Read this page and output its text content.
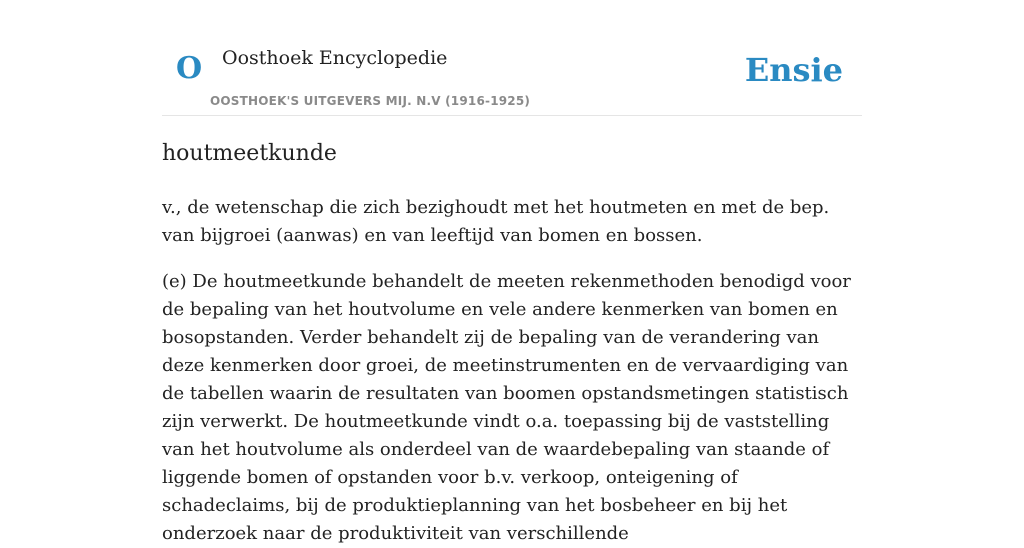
O Oosthoek Encyclopedie
OOSTHOEK'S UITGEVERS MIJ. N.V (1916-1925)
Ensie
houtmeetkunde

v., de wetenschap die zich bezighoudt met het houtmeten en met de bep. van bijgroei (aanwas) en van leeftijd van bomen en bossen.

(e) De houtmeetkunde behandelt de meeten rekenmethoden benodigd voor de bepaling van het houtvolume en vele andere kenmerken van bomen en bosopstanden. Verder behandelt zij de bepaling van de verandering van deze kenmerken door groei, de meetinstrumenten en de vervaardiging van de tabellen waarin de resultaten van boomen opstandsmetingen statistisch zijn verwerkt. De houtmeetkunde vindt o.a. toepassing bij de vaststelling van het houtvolume als onderdeel van de waardebepaling van staande of liggende bomen of opstanden voor b.v. verkoop, onteigening of schadeclaims, bij de produktieplanning van het bosbeheer en bij het onderzoek naar de produktiviteit van verschillende
